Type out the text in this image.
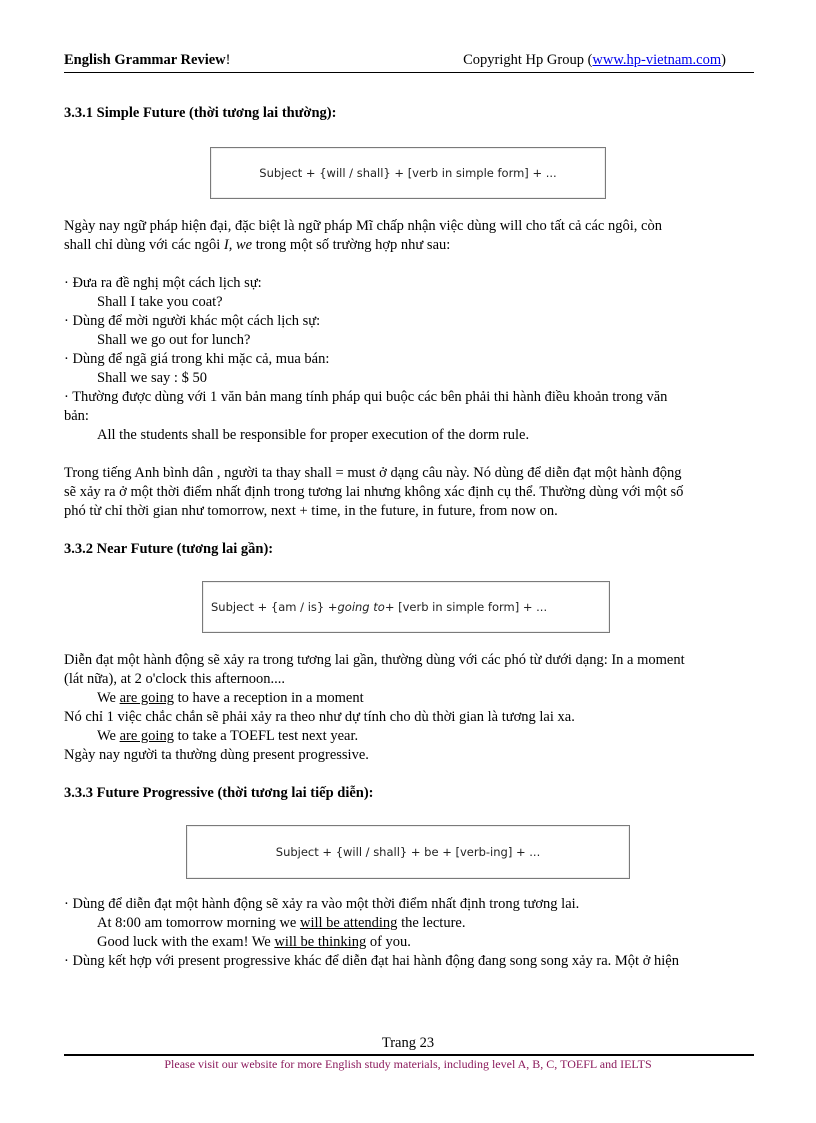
English Grammar Review!	Copyright Hp Group (www.hp-vietnam.com)

3.3.1 Simple Future (thời tương lai thường):

Subject + {will / shall} + [verb in simple form] + ...

Ngày nay ngữ pháp hiện đại, đặc biệt là ngữ pháp Mĩ chấp nhận việc dùng will cho tất cả các ngôi, còn

shall chỉ dùng với các ngôi I, we trong một số trường hợp như sau:

· Đưa ra đề nghị một cách lịch sự:

Shall I take you coat?

· Dùng để mời người khác một cách lịch sự:

Shall we go out for lunch?

· Dùng để ngã giá trong khi mặc cả, mua bán:

Shall we say : $ 50

· Thường được dùng với 1 văn bản mang tính pháp qui buộc các bên phải thi hành điều khoản trong văn

bản:

All the students shall be responsible for proper execution of the dorm rule.

Trong tiếng Anh bình dân , người ta thay shall = must ở dạng câu này. Nó dùng để diễn đạt một hành động

sẽ xảy ra ở một thời điểm nhất định trong tương lai nhưng không xác định cụ thể. Thường dùng với một số

phó từ chỉ thời gian như tomorrow, next + time, in the future, in future, from now on.

3.3.2 Near Future (tương lai gần):

Subject + {am / is} + going to + [verb in simple form] + ...

Diễn đạt một hành động sẽ xảy ra trong tương lai gần, thường dùng với các phó từ dưới dạng: In a moment

(lát nữa), at 2 o'clock this afternoon....

We are going to have a reception in a moment

Nó chỉ 1 việc chắc chắn sẽ phải xảy ra theo như dự tính cho dù thời gian là tương lai xa.

We are going to take a TOEFL test next year.

Ngày nay người ta thường dùng present progressive.

3.3.3 Future Progressive (thời tương lai tiếp diễn):

Subject + {will / shall} + be + [verb-ing] + ...

· Dùng để diễn đạt một hành động sẽ xảy ra vào một thời điểm nhất định trong tương lai.

At 8:00 am tomorrow morning we will be attending the lecture.

Good luck with the exam! We will be thinking of you.

· Dùng kết hợp với present progressive khác để diễn đạt hai hành động đang song song xảy ra. Một ở hiện

Trang 23
Please visit our website for more English study materials, including level A, B, C, TOEFL and IELTS
